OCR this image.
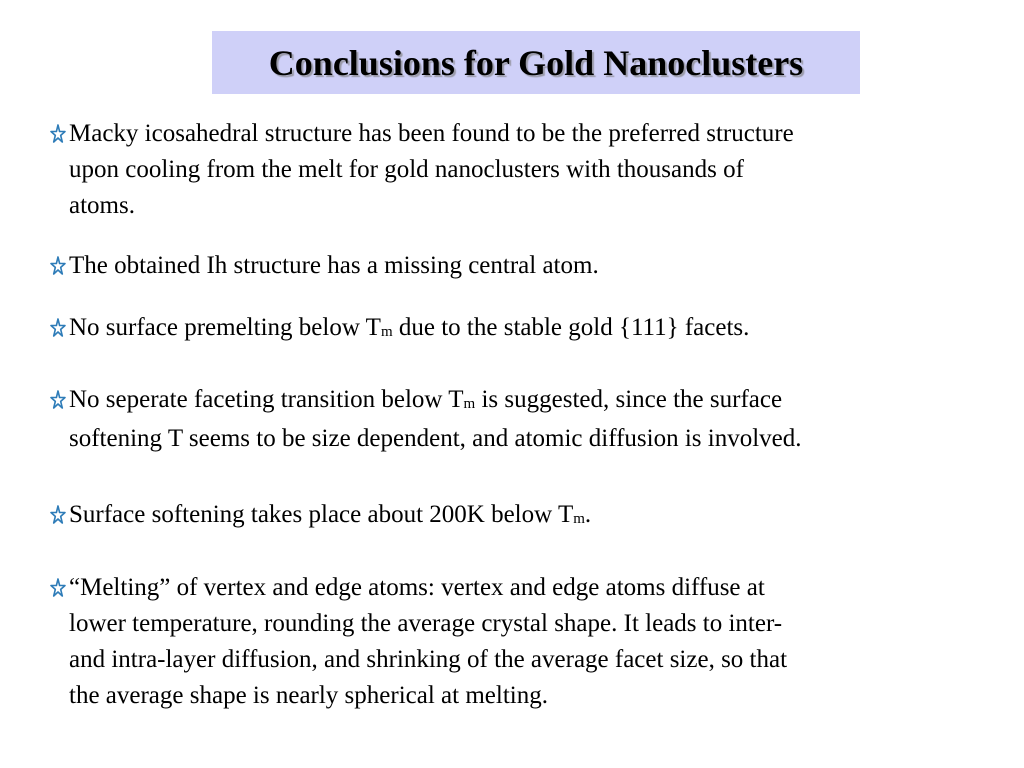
Conclusions for Gold Nanoclusters
Macky icosahedral structure has been found to be the preferred structure
upon cooling from the melt for gold nanoclusters with thousands of
atoms.
The obtained Ih structure has a missing central atom.
No surface premelting below Tm due to the stable gold {111} facets.
No seperate faceting transition below Tm is suggested, since the surface
softening T seems to be size dependent, and atomic diffusion is involved.
Surface softening takes place about 200K below Tm.
“Melting” of vertex and edge atoms: vertex and edge atoms diffuse at
lower temperature, rounding the average crystal shape. It leads to inter-
and intra-layer diffusion, and shrinking of the average facet size, so that
the average shape is nearly spherical at melting.
